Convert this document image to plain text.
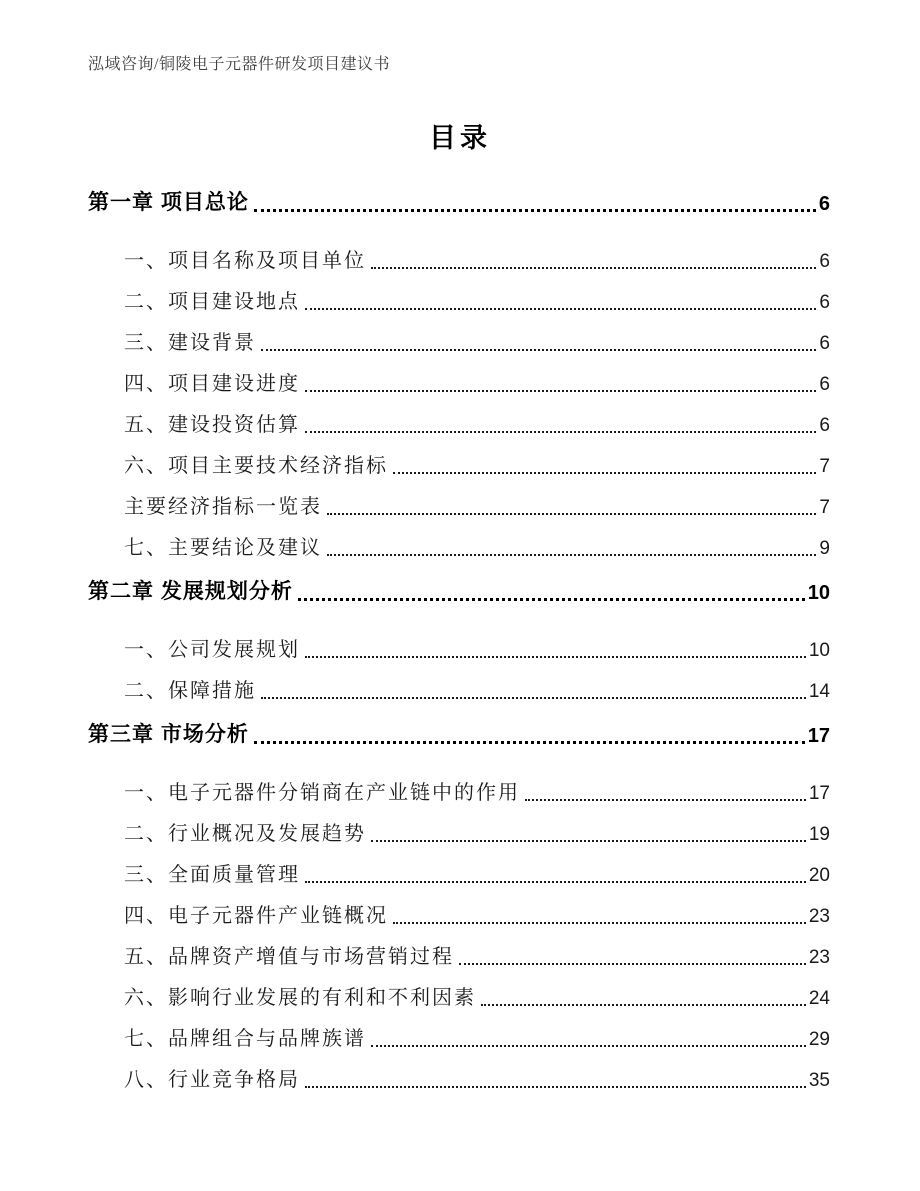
泓域咨询/铜陵电子元器件研发项目建议书
目录
第一章 项目总论	6
一、项目名称及项目单位	6
二、项目建设地点	6
三、建设背景	6
四、项目建设进度	6
五、建设投资估算	6
六、项目主要技术经济指标	7
主要经济指标一览表	7
七、主要结论及建议	9
第二章 发展规划分析	10
一、公司发展规划	10
二、保障措施	14
第三章 市场分析	17
一、电子元器件分销商在产业链中的作用	17
二、行业概况及发展趋势	19
三、全面质量管理	20
四、电子元器件产业链概况	23
五、品牌资产增值与市场营销过程	23
六、影响行业发展的有利和不利因素	24
七、品牌组合与品牌族谱	29
八、行业竞争格局	35
